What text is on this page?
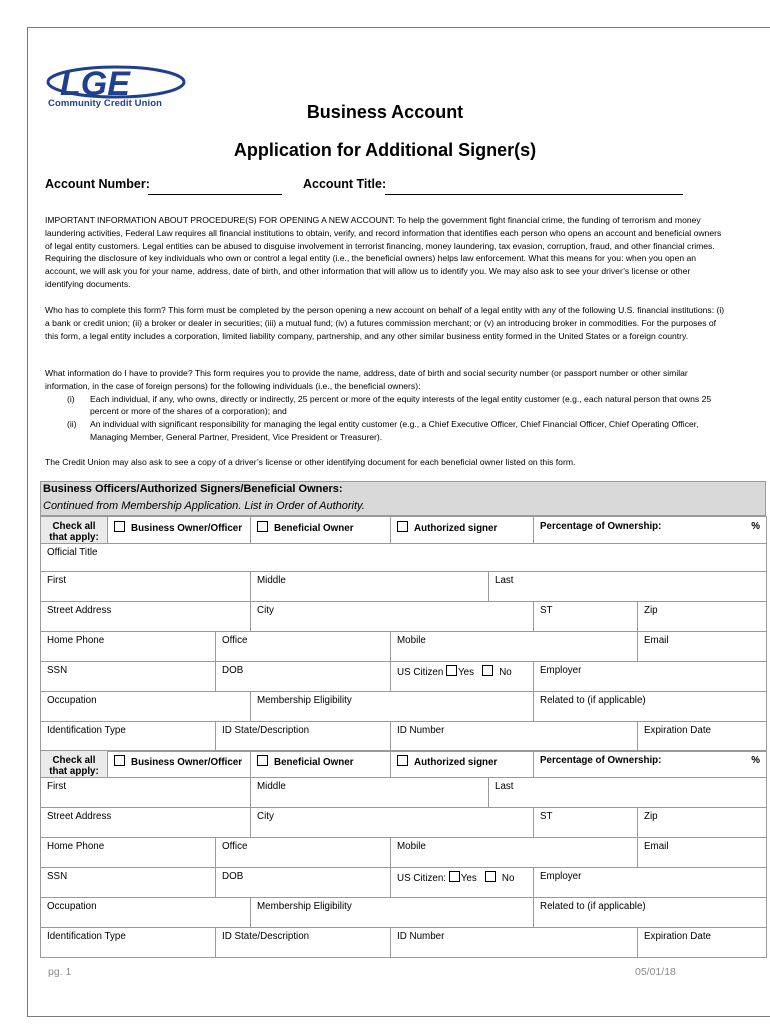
LGE
Community Credit Union	Business Account
Application for Additional Signer(s)
Account Number:	Account Title:

IMPORTANT INFORMATION ABOUT PROCEDURE(S) FOR OPENING A NEW ACCOUNT: To help the government fight financial crime, the funding of terrorism and money laundering activities, Federal Law requires all financial institutions to obtain, verify, and record information that identifies each person who opens an account and beneficial owners of legal entity customers. Legal entities can be abused to disguise involvement in terrorist financing, money laundering, tax evasion, corruption, fraud, and other financial crimes. Requiring the disclosure of key individuals who own or control a legal entity (i.e., the beneficial owners) helps law enforcement. What this means for you: when you open an account, we will ask you for your name, address, date of birth, and other information that will allow us to identify you. We may also ask to see your driver’s license or other identifying documents.

Who has to complete this form? This form must be completed by the person opening a new account on behalf of a legal entity with any of the following U.S. financial institutions: (i) a bank or credit union; (ii) a broker or dealer in securities; (iii) a mutual fund; (iv) a futures commission merchant; or (v) an introducing broker in commodities. For the purposes of this form, a legal entity includes a corporation, limited liability company, partnership, and any other similar business entity formed in the United States or a foreign country.

What information do I have to provide? This form requires you to provide the name, address, date of birth and social security number (or passport number or other similar information, in the case of foreign persons) for the following individuals (i.e., the beneficial owners):

(i) Each individual, if any, who owns, directly or indirectly, 25 percent or more of the equity interests of the legal entity customer (e.g., each natural person that owns 25 percent or more of the shares of a corporation); and
(ii) An individual with significant responsibility for managing the legal entity customer (e.g., a Chief Executive Officer, Chief Financial Officer, Chief Operating Officer, Managing Member, General Partner, President, Vice President or Treasurer).

The Credit Union may also ask to see a copy of a driver’s license or other identifying document for each beneficial owner listed on this form.

Business Officers/Authorized Signers/Beneficial Owners:
Continued from Membership Application. List in Order of Authority.
Check all
that apply:	Business Owner/Officer		Beneficial Owner	Authorized signer		Percentage of Ownership: %	

Official Title							
First			Middle		Last		
Street Address			City			ST	Zip
Home Phone		Office		Mobile			Email
SSN		DOB		US Citizen Yes No		Employer	
Occupation			Membership Eligibility			Related to (if applicable)	
Identification Type		ID State/Description		ID Number			Expiration Date
Check all
that apply:	Business Owner/Officer		Beneficial Owner	Authorized signer		Percentage of Ownership: %	

First			Middle		Last		
Street Address			City			ST	Zip
Home Phone		Office		Mobile			Email
SSN		DOB		US Citizen: Yes No		Employer	
Occupation			Membership Eligibility			Related to (if applicable)	
Identification Type		ID State/Description		ID Number			Expiration Date
pg. 1	05/01/18
